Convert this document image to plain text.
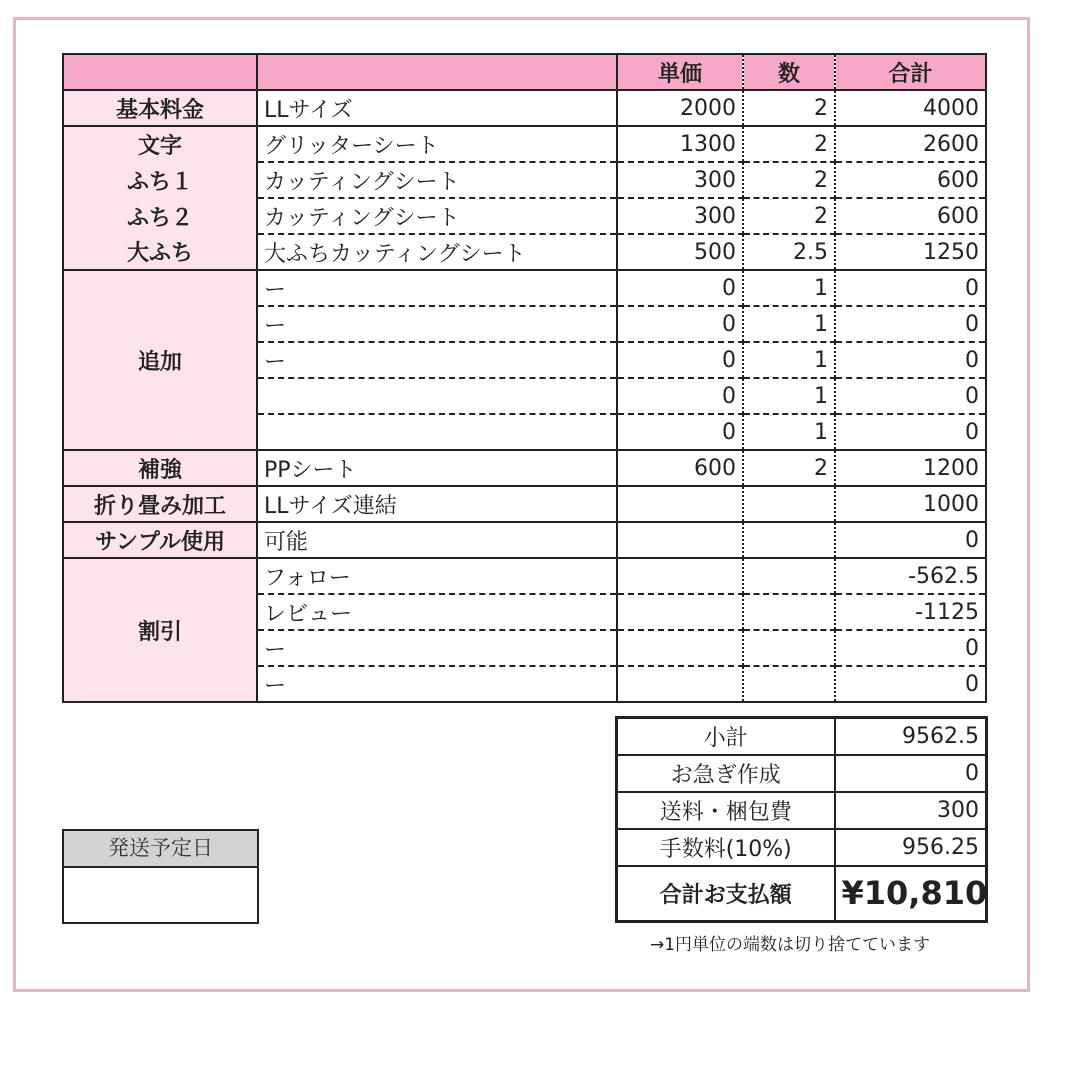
		単価	数	合計
基本料金	LLサイズ	2000	2	4000
文字	グリッターシート	1300	2	2600
ふち１	カッティングシート	300	2	600
ふち２	カッティングシート	300	2	600
大ふち	大ふちカッティングシート	500	2.5	1250
追加	ー	0	1	0
	ー	0	1	0
	ー	0	1	0
		0	1	0
		0	1	0
補強	PPシート	600	2	1200
折り畳み加工	LLサイズ連結			1000
サンプル使用	可能			0
割引	フォロー			-562.5
	レビュー			-1125
	ー			0
	ー			0
小計	9562.5
お急ぎ作成	0
送料・梱包費	300
手数料(10%)	956.25
合計お支払額	¥10,810
→1円単位の端数は切り捨てています
発送予定日
